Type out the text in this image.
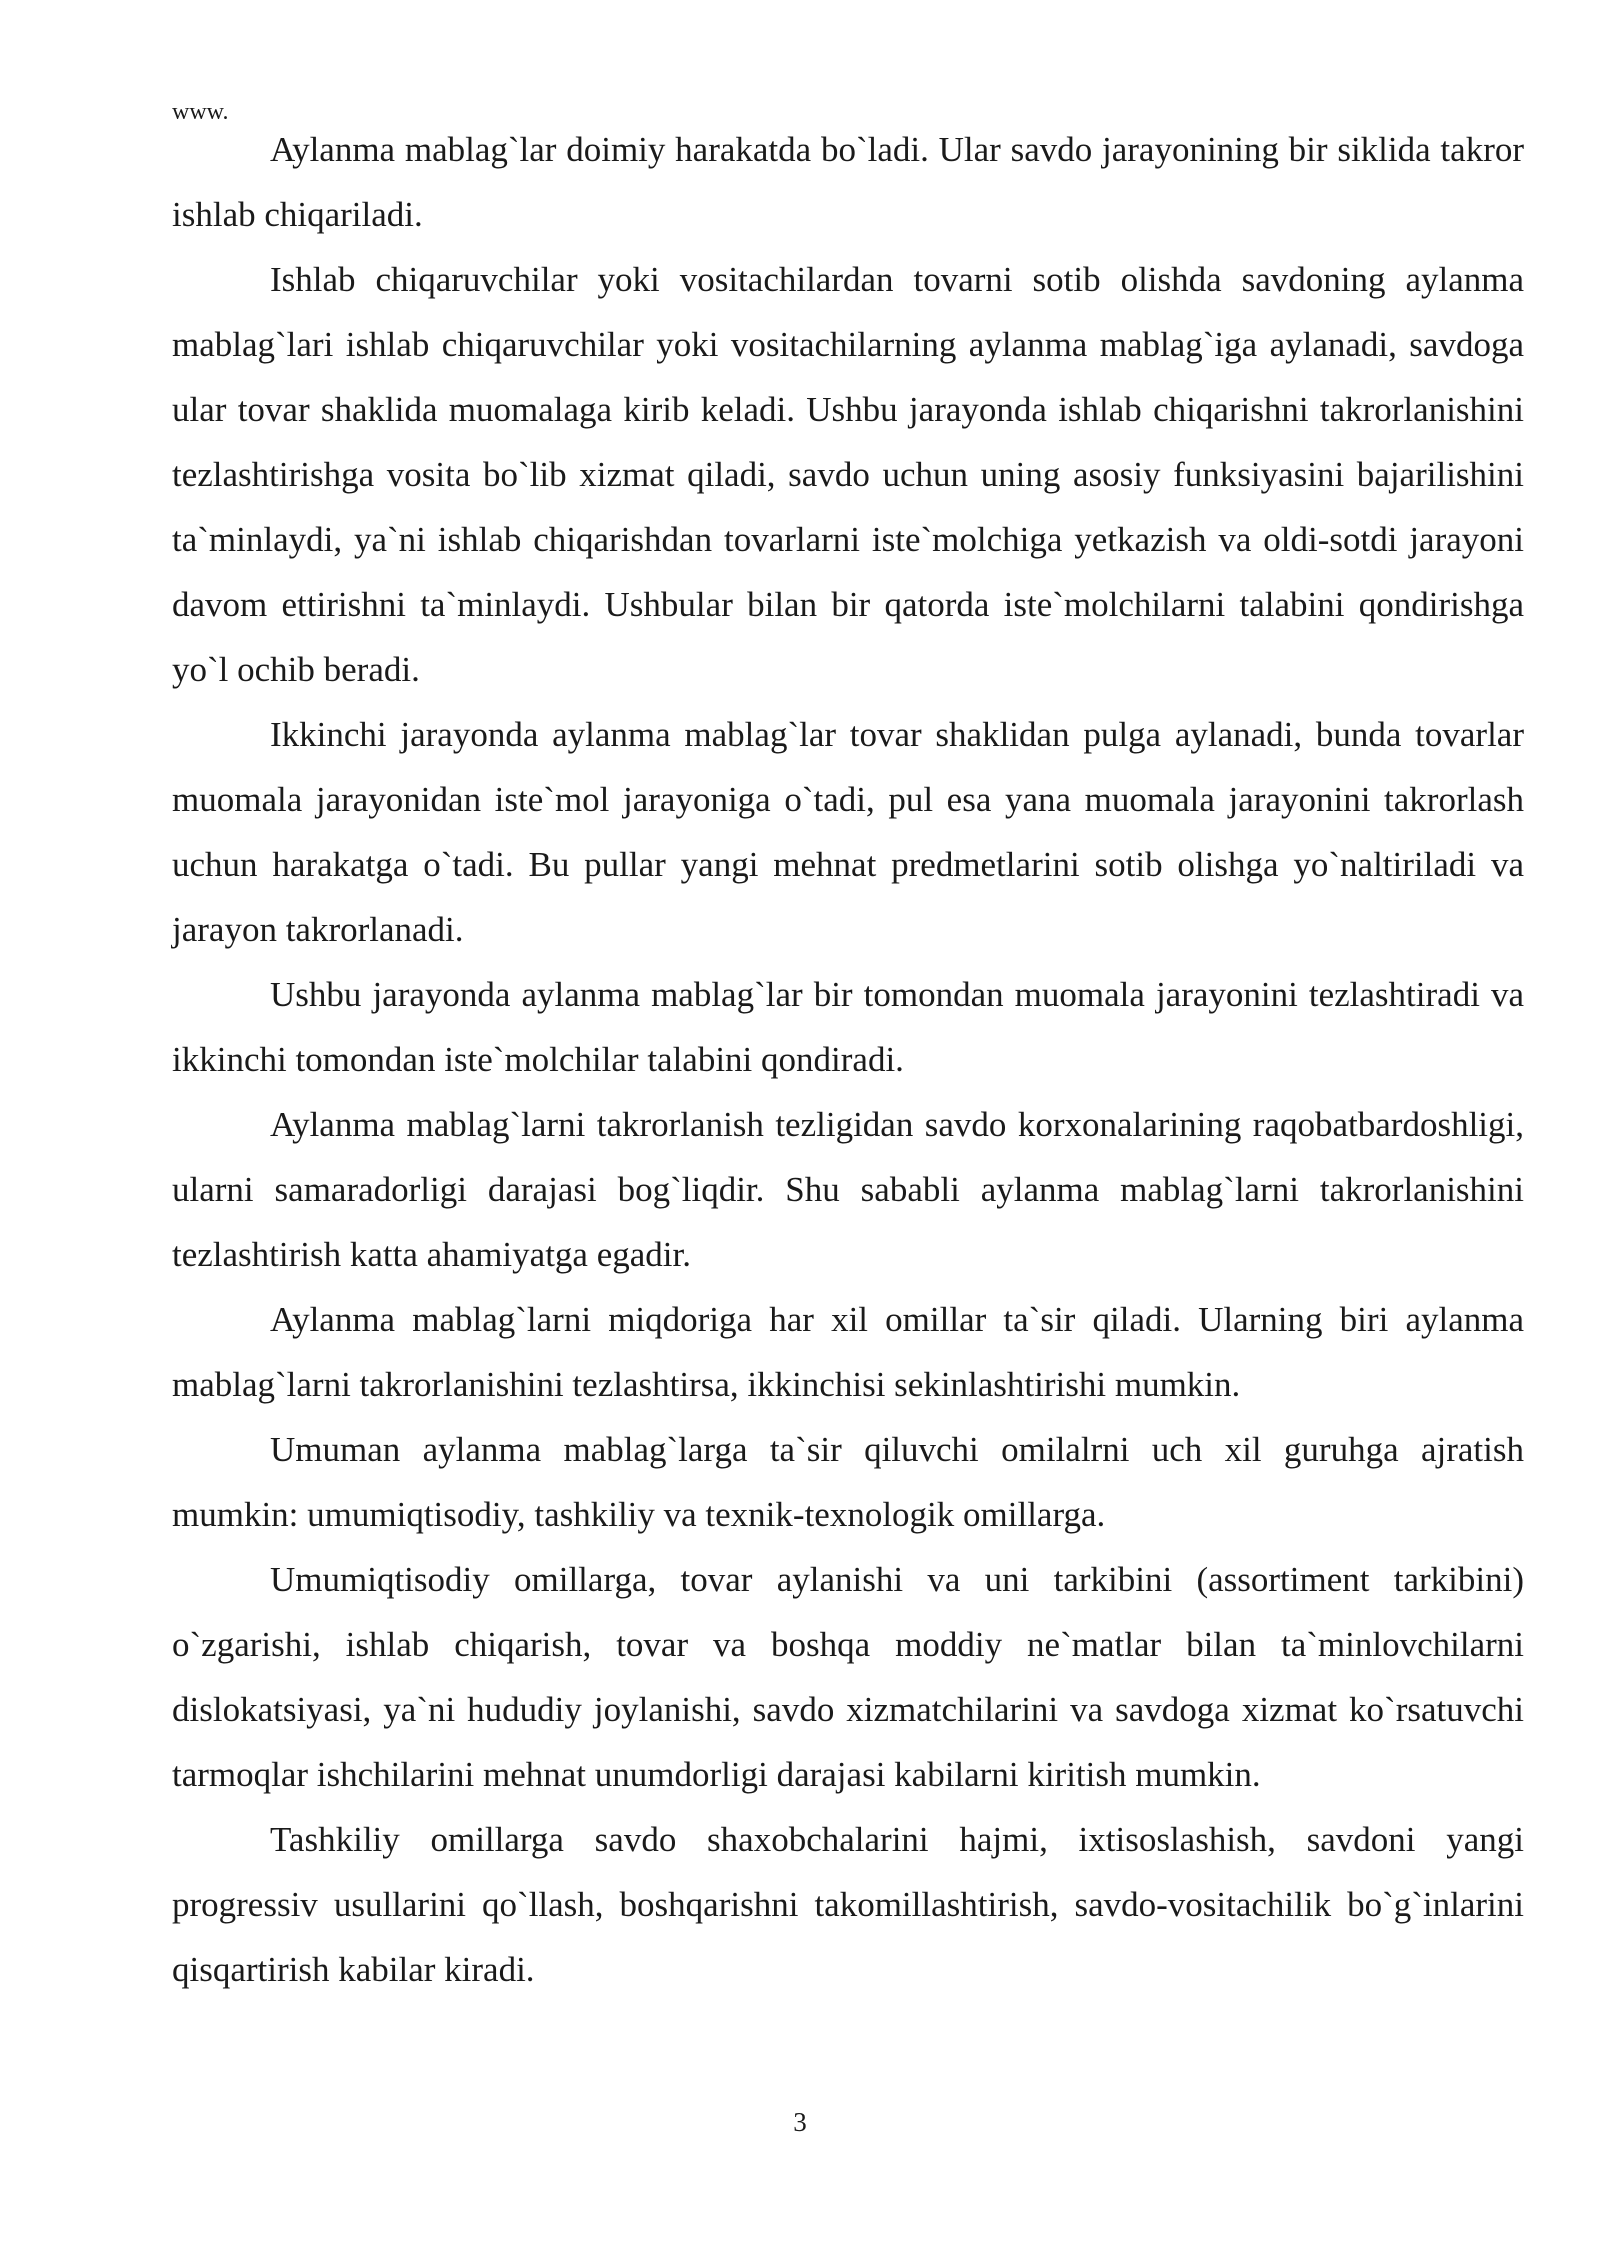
www.

Aylanma mablag`lar doimiy harakatda bo`ladi. Ular savdo jarayonining bir siklida takror ishlab chiqariladi.

Ishlab chiqaruvchilar yoki vositachilardan tovarni sotib olishda savdoning aylanma mablag`lari ishlab chiqaruvchilar yoki vositachilarning aylanma mablag`iga aylanadi, savdoga ular tovar shaklida muomalaga kirib keladi. Ushbu jarayonda ishlab chiqarishni takrorlanishini tezlashtirishga vosita bo`lib xizmat qiladi, savdo uchun uning asosiy funksiyasini bajarilishini ta`minlaydi, ya`ni ishlab chiqarishdan tovarlarni iste`molchiga yetkazish va oldi-sotdi jarayoni davom ettirishni ta`minlaydi. Ushbular bilan bir qatorda iste`molchilarni talabini qondirishga yo`l ochib beradi.

Ikkinchi jarayonda aylanma mablag`lar tovar shaklidan pulga aylanadi, bunda tovarlar muomala jarayonidan iste`mol jarayoniga o`tadi, pul esa yana muomala jarayonini takrorlash uchun harakatga o`tadi. Bu pullar yangi mehnat predmetlarini sotib olishga yo`naltiriladi va jarayon takrorlanadi.

Ushbu jarayonda aylanma mablag`lar bir tomondan muomala jarayonini tezlashtiradi va ikkinchi tomondan iste`molchilar talabini qondiradi.

Aylanma mablag`larni takrorlanish tezligidan savdo korxonalarining raqobatbardoshligi, ularni samaradorligi darajasi bog`liqdir. Shu sababli aylanma mablag`larni takrorlanishini tezlashtirish katta ahamiyatga egadir.

Aylanma mablag`larni miqdoriga har xil omillar ta`sir qiladi. Ularning biri aylanma mablag`larni takrorlanishini tezlashtirsa, ikkinchisi sekinlashtirishi mumkin.

Umuman aylanma mablag`larga ta`sir qiluvchi omilalrni uch xil guruhga ajratish mumkin: umumiqtisodiy, tashkiliy va texnik-texnologik omillarga.

Umumiqtisodiy omillarga, tovar aylanishi va uni tarkibini (assortiment tarkibini) o`zgarishi, ishlab chiqarish, tovar va boshqa moddiy ne`matlar bilan ta`minlovchilarni dislokatsiyasi, ya`ni hududiy joylanishi, savdo xizmatchilarini va savdoga xizmat ko`rsatuvchi tarmoqlar ishchilarini mehnat unumdorligi darajasi kabilarni kiritish mumkin.

Tashkiliy omillarga savdo shaxobchalarini hajmi, ixtisoslashish, savdoni yangi progressiv usullarini qo`llash, boshqarishni takomillashtirish, savdo-vositachilik bo`g`inlarini qisqartirish kabilar kiradi.

3
